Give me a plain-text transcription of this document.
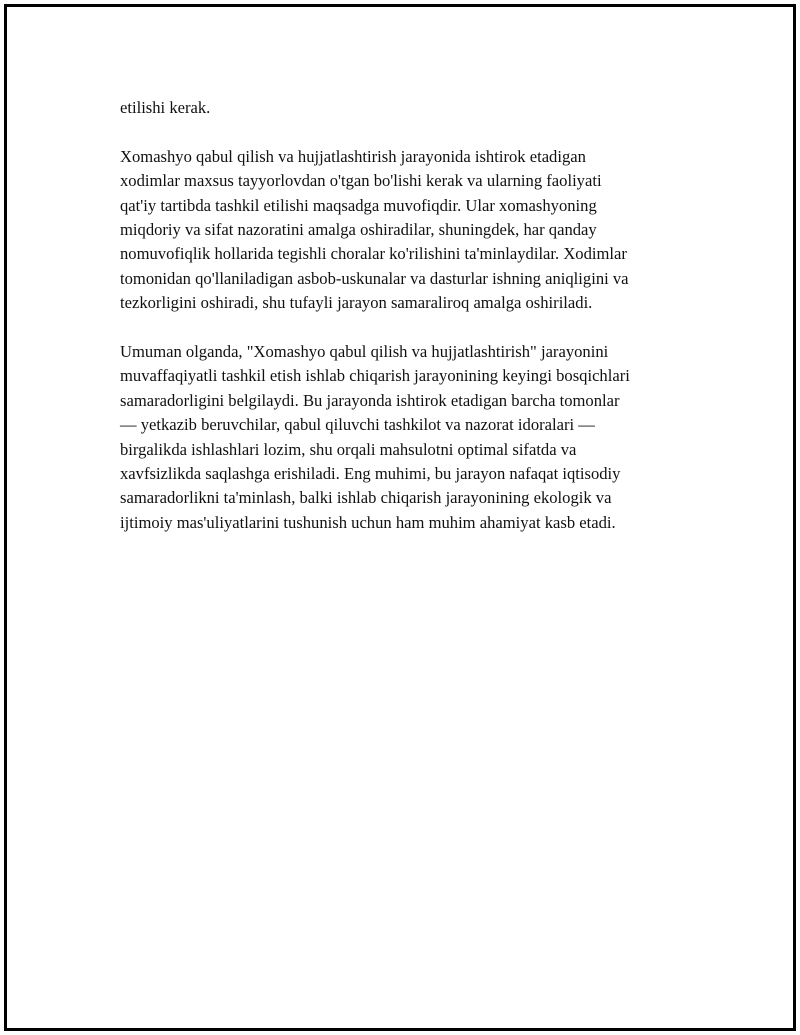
etilishi kerak.

Xomashyo qabul qilish va hujjatlashtirish jarayonida ishtirok etadigan
xodimlar maxsus tayyorlovdan o'tgan bo'lishi kerak va ularning faoliyati
qat'iy tartibda tashkil etilishi maqsadga muvofiqdir. Ular xomashyoning
miqdoriy va sifat nazoratini amalga oshiradilar, shuningdek, har qanday
nomuvofiqlik hollarida tegishli choralar ko'rilishini ta'minlaydilar. Xodimlar
tomonidan qo'llaniladigan asbob-uskunalar va dasturlar ishning aniqligini va
tezkorligini oshiradi, shu tufayli jarayon samaraliroq amalga oshiriladi.

Umuman olganda, "Xomashyo qabul qilish va hujjatlashtirish" jarayonini
muvaffaqiyatli tashkil etish ishlab chiqarish jarayonining keyingi bosqichlari
samaradorligini belgilaydi. Bu jarayonda ishtirok etadigan barcha tomonlar
— yetkazib beruvchilar, qabul qiluvchi tashkilot va nazorat idoralari —
birgalikda ishlashlari lozim, shu orqali mahsulotni optimal sifatda va
xavfsizlikda saqlashga erishiladi. Eng muhimi, bu jarayon nafaqat iqtisodiy
samaradorlikni ta'minlash, balki ishlab chiqarish jarayonining ekologik va
ijtimoiy mas'uliyatlarini tushunish uchun ham muhim ahamiyat kasb etadi.
